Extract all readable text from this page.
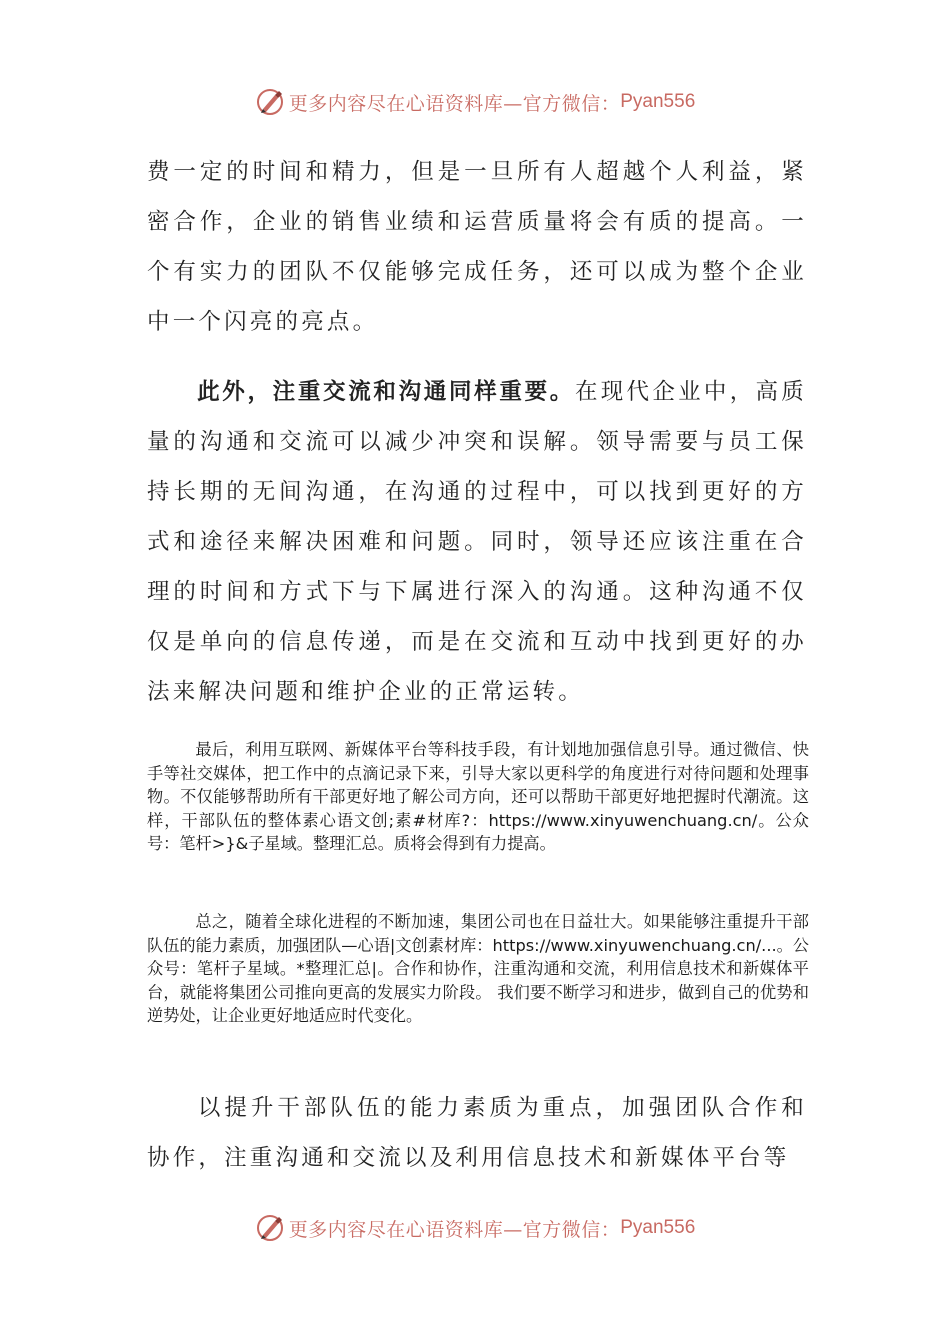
更多内容尽在心语资料库—官方微信： Pyan556
费一定的时间和精力，但是一旦所有人超越个人利益，紧密合作，企业的销售业绩和运营质量将会有质的提高。一个有实力的团队不仅能够完成任务，还可以成为整个企业中一个闪亮的亮点。
此外，注重交流和沟通同样重要。在现代企业中，高质量的沟通和交流可以减少冲突和误解。领导需要与员工保持长期的无间沟通，在沟通的过程中，可以找到更好的方式和途径来解决困难和问题。同时，领导还应该注重在合理的时间和方式下与下属进行深入的沟通。这种沟通不仅仅是单向的信息传递，而是在交流和互动中找到更好的办法来解决问题和维护企业的正常运转。
最后，利用互联网、新媒体平台等科技手段，有计划地加强信息引导。通过微信、快手等社交媒体，把工作中的点滴记录下来，引导大家以更科学的角度进行对待问题和处理事物。不仅能够帮助所有干部更好地了解公司方向，还可以帮助干部更好地把握时代潮流。这样，干部队伍的整体素心语文创;素#材库?：https://www.xinyuwenchuang.cn/。公众号：笔杆>}&子星域。整理汇总。质将会得到有力提高。
总之，随着全球化进程的不断加速，集团公司也在日益壮大。如果能够注重提升干部队伍的能力素质，加强团队—心语|文创素材库：https://www.xinyuwenchuang.cn/...。公众号：笔杆子星域。*整理汇总|。合作和协作，注重沟通和交流，利用信息技术和新媒体平台，就能将集团公司推向更高的发展实力阶段。 我们要不断学习和进步，做到自己的优势和逆势处，让企业更好地适应时代变化。
以提升干部队伍的能力素质为重点，加强团队合作和协作，注重沟通和交流以及利用信息技术和新媒体平台等
更多内容尽在心语资料库—官方微信： Pyan556
